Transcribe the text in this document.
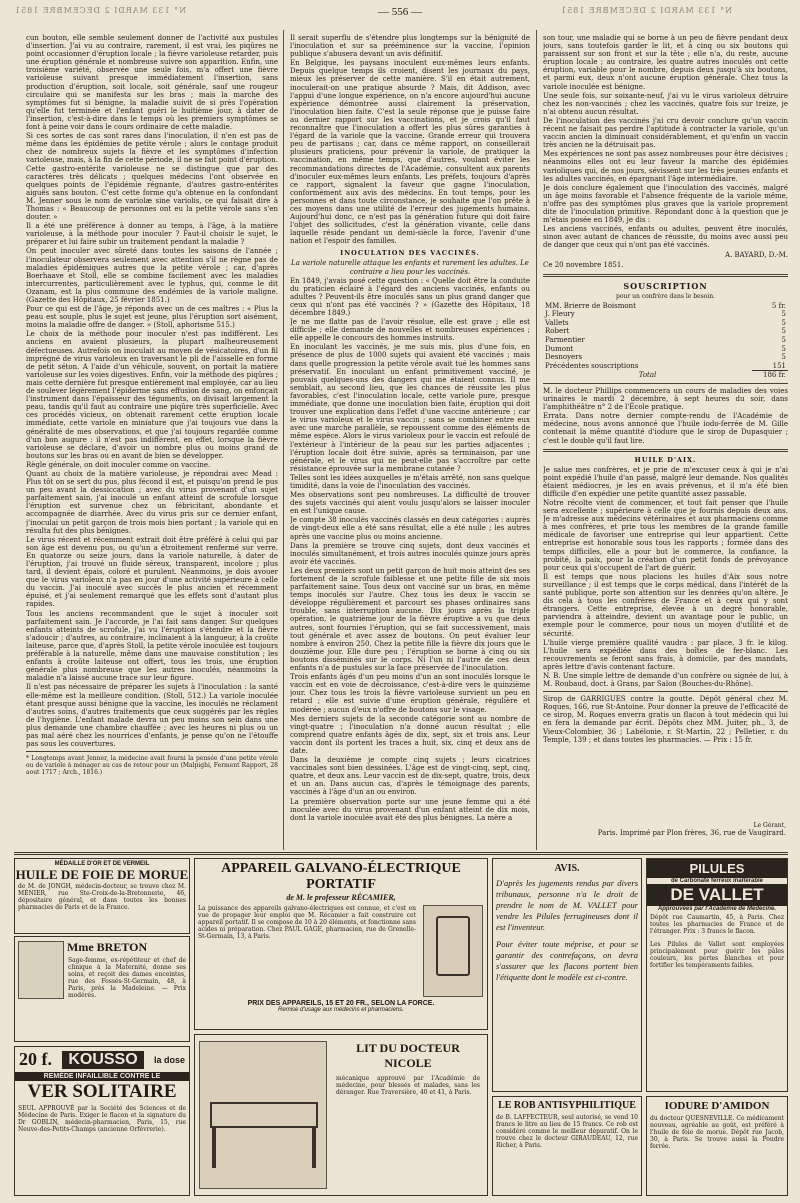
N° 133 MARDI 2 DÉCEMBRE 1851	— 556 —	N° 133 MARDI 2 DÉCEMBRE 1851

cun bouton, elle semble seulement donner de l'activité aux pustules d'insertion. J'ai vu au contraire, rarement, il est vrai, les piqûres ne point occasionner d'éruption locale ; la fièvre varioleuse retarder, puis une éruption générale et nombreuse suivre son apparition. Enfin, une troisième variété, observée une seule fois, m'a offert une fièvre varioleuse suivant presque immédiatement l'insertion, sans production d'éruption, soit locale, soit générale, sauf une rougeur circulaire qui se manifesta sur les bras ; mais la marche des symptômes fut si bénigne, la maladie suivit de si près l'opération qu'elle fut terminée et l'enfant guéri le huitième jour, à dater de l'insertion, c'est-à-dire dans le temps où les premiers symptômes se font à peine voir dans le cours ordinaire de cette maladie.

Si ces sortes de cas sont rares dans l'inoculation, il n'en est pas de même dans les épidémies de petite vérole ; alors le contage produit chez de nombreux sujets la fièvre et les symptômes d'infection varioleuse, mais, à la fin de cette période, il ne se fait point d'éruption. Cette gastro-entérite varioleuse ne se distingue que par des caractères très délicats ; quelques médecins l'ont observée en quelques points de l'épidémie régnante, d'autres gastro-entérites aiguës sans bouton. C'est cette forme qu'a obtenue en la confondant M. Jenner sous le nom de variolæ sine variolis, ce qui faisait dire à Thomas : « Beaucoup de personnes ont eu la petite vérole sans s'en douter. »

Il a été une préférence à donner au temps, à l'âge, à la matière varioleuse, à la méthode pour inoculer ? Faut-il choisir le sujet, le préparer et lui faire subir un traitement pendant la maladie ?

On peut inoculer avec sûreté dans toutes les saisons de l'année ; l'inoculateur observera seulement avec attention s'il ne règne pas de maladies épidémiques autres que la petite vérole ; car, d'après Boerhaave et Stoll, elle se combine facilement avec les maladies intercurrentes, particulièrement avec le typhus, qui, comme le dit Ozanam, est la plus commune des endémies de la variole maligne. (Gazette des Hôpitaux, 25 février 1851.)

Pour ce qui est de l'âge, je réponds avec un de ces maîtres : « Plus la peau est souple, plus le sujet est jeune, plus l'éruption sort aisément, moins la maladie offre de danger. » (Stoll, aphorisme 515.)

Le choix de la méthode pour inoculer n'est pas indifférent. Les anciens en avaient plusieurs, la plupart malheureusement défectueuses. Autrefois on inoculait au moyen de vésicatoires, d'un fil imprégné de virus varioleux en traversant le pli de l'aisselle en forme de petit séton. A l'aide d'un véhicule, souvent, on portait la matière varioleuse sur les voies digestives. Enfin, voir la méthode des piqûres ; mais cette dernière fut presque entièrement mal employée, car au lieu de soulever légèrement l'épiderme sans effusion de sang, on enfonçait l'instrument dans l'épaisseur des téguments, on divisait largement la peau, tandis qu'il faut au contraire une piqûre très superficielle. Avec ces procédés vicieux, on obtenait rarement cette éruption locale immédiate, cette variole en miniature que j'ai toujours vue dans la généralité de mes observations, et que j'ai toujours regardée comme d'un bon augure : il n'est pas indifférent, en effet, lorsque la fièvre varioleuse se déclare, d'avoir un nombre plus ou moins grand de boutons sur les bras ou en avant de bien se développer.

Règle générale, on doit inoculer comme on vaccine.

Quant au choix de la matière varioleuse, je répondrai avec Mead : Plus tôt on se sert du pus, plus fécond il est, et puisqu'on prend le pus un peu avant la dessiccation ; avec du virus provenant d'un sujet parfaitement sain, j'ai inoculé un enfant atteint de scrofule lorsque l'éruption est survenue chez un fébricitant, abondante et accompagnée de diarrhée. Avec du virus pris sur ce dernier enfant, j'inoculai un petit garçon de trois mois bien portant ; la variole qui en résulta fut des plus bénignes.

Le virus récent et récemment extrait doit être préféré à celui qui par son âge est devenu pus, ou qu'un a étroitement renfermé sur verre. En quatorze ou seize jours, dans la variole naturelle, à dater de l'éruption, j'ai trouvé un fluide séreux, transparent, incolore ; plus tard, il devient épais, coloré et purulent. Néanmoins, je dois avouer que le virus varioleux n'a pas en jour d'une activité supérieure à celle du vaccin. J'ai inoculé avec succès le plus ancien et récemment épuisé, et j'ai seulement remarqué que les effets sont d'autant plus rapides.

Tous les anciens recommandent que le sujet à inoculer soit parfaitement sain. Je l'accorde, je l'ai fait sans danger. Sur quelques enfants atteints de scrofule, j'ai vu l'éruption s'étendre et la fièvre s'adoucir ; d'autres, au contraire, inclinaient à la langueur, à la croûte laiteuse, parce que, d'après Stoll, la petite vérole inoculée est toujours préférable à la naturelle, même dans une mauvaise constitution ; les enfants à croûte laiteuse ont offert, tous les trois, une éruption générale plus nombreuse que les autres inoculés, néanmoins la maladie n'a laissé aucune trace sur leur figure.

Il n'est pas nécessaire de préparer les sujets à l'inoculation : la santé elle-même est la meilleure condition. (Stoll, 512.) La variole inoculée étant presque aussi bénigne que la vaccine, les inoculés ne réclament d'autres soins, d'autres traitements que ceux suggérés par les règles de l'hygiène. L'enfant malade devra un peu moins son sein dans une plus demande une chambre chauffée ; avec les heures ni plus ou un pas mal aéré chez les nourrices d'enfants, je pense qu'on ne l'étouffe pas sous les couvertures.

* Longtemps avant Jenner, la médecine avait fourni la pensée d'une petite vérole ou de variole à ménager au cas de retour pour un (Malpighi, Ferment Rapport, 28 aout 1717 ; Arch., 1816.)

Il serait superflu de s'étendre plus longtemps sur la bénignité de l'inoculation et sur sa prééminence sur la vaccine, l'opinion publique s'abusera devant un avis définitif.

En Belgique, les paysans inoculent eux-mêmes leurs enfants. Depuis quelque temps ils croient, disent les journaux du pays, mieux les préserver de cette manière. S'il en était autrement, inoculerait-on une pratique absurde ? Mais, dit Addison, avec l'appui d'une longue expérience, on n'a encore aujourd'hui aucune expérience démontrée aussi clairement la préservation, l'inoculation bien faite. C'est la seule réponse que je puisse faire au dernier rapport sur les vaccinations, et je crois qu'il faut reconnaître que l'inoculation a offert les plus sûres garanties à l'égard de la variole que la vaccine. Grande erreur qui trouvera peu de partisans ; car, dans ce même rapport, on conseillerait plusieurs praticiens, pour prévenir la variole, de pratiquer la vaccination, en même temps, que d'autres, voulant éviter les recommandations directes de l'Académie, consultent aux parents d'inoculer eux-mêmes leurs enfants. Les préfets, toujours d'après ce rapport, signalent la faveur que gagne l'inoculation, conformément aux avis des médecins. En tout temps, pour les personnes et dans toute circonstance, je souhaite que l'on prête à ces moyens dans une utilité de l'erreur des jugements humains. Aujourd'hui donc, ce n'est pas la génération future qui doit faire l'objet des sollicitudes, c'est la génération vivante, celle dans laquelle réside pendant un demi-siècle la force, l'avenir d'une nation et l'espoir des familles.

INOCULATION DES VACCINÉS.

La variole naturelle attaque les enfants et rarement les adultes. Le contraire a lieu pour les vaccinés.

En 1849, j'avais posé cette question : « Quelle doit être la conduite du praticien éclairé à l'égard des anciens vaccinés, enfants ou adultes ? Peuvent-ils être inoculés sans un plus grand danger que ceux qui n'ont pas été vaccinés ? » (Gazette des Hôpitaux, 18 décembre 1849.)

Je ne me flatte pas de l'avoir résolue, elle est grave ; elle est difficile ; elle demande de nouvelles et nombreuses expériences ; elle appelle le concours des hommes instruits.

En inoculant les vaccinés, je me suis mis, plus d'une fois, en présence de plus de 1000 sujets qui avaient été vaccinés ; mais dans quelle progression la petite vérole avait tué les hommes sans préservatif. En inoculant un enfant primitivement vacciné, je pouvais quelques-uns des dangers qui me étaient connus. Il me semblait, au second lieu, que les chances de réussite les plus favorables, c'est l'inoculation locale, cette variole pure, presque immédiate, que donne une inoculation bien faite, éruption qui doit trouver une explication dans l'effet d'une vaccine antérieure ; car le virus varioleux et le virus vaccin ; sans se combiner entre eux avec une marche parallèle, se repoussent comme des éléments de même espèce. Alors le virus varioleux pour le vaccin est refoulé de l'extérieur à l'intérieur de la peau sur les parties adjacentes ; l'éruption locale doit être suivie, après sa terminaison, par une générale, et le virus qui ne peut-elle pas s'accroître par cette résistance éprouvée sur la membrane cutanée ?

Telles sont les idées auxquelles je m'étais arrêté, non sans quelque timidité, dans la voie de l'inoculation des vaccinés.

Mes observations sont peu nombreuses. La difficulté de trouver des sujets vaccinés qui aient voulu jusqu'alors se laisser inoculer en est l'unique cause.

Je compte 38 inoculés vaccinés classés en deux catégories : auprès de vingt-deux elle a été sans résultat, elle a été nulle ; les autres après une vaccine plus ou moins ancienne.

Dans la première se trouve cinq sujets, dont deux vaccinés et inoculés simultanément, et trois autres inoculés quinze jours après avoir été vaccinés.

Les deux premiers sont un petit garçon de huit mois atteint des ses fortement de la scrofule faiblesse et une petite fille de six mois parfaitement saine. Tous deux ont vacciné sur un bras, en même temps inoculés sur l'autre. Chez tous les deux le vaccin se développe régulièrement et parcourt ses phases ordinaires sans trouble, sans interruption aucune. Dix jours après la triple opération, le quatrième jour de la fièvre éruptive a vu que deux autres, sont fournies l'éruption, qui se fait successivement, mais tout générale et avec assez de boutons. On peut évaluer leur nombre à environ 250. Chez la petite fille la fièvre dix jours que le douzième jour. Elle dure peu ; l'éruption se borne à cinq ou six boutons disséminés sur le corps. Ni l'un ni l'autre de ces deux enfants n'a de pustules sur la face préservée de l'inoculation.

Trois enfants âgés d'un peu moins d'un an sont inoculés lorsque le vaccin est en voie de décroissance, c'est-à-dire vers le quinzième jour. Chez tous les trois la fièvre varioleuse survient un peu en retard ; elle est suivie d'une éruption générale, régulière et modérée ; aucun d'eux n'offre de boutons sur le visage.

Mes derniers sujets de la seconde catégorie sont au nombre de vingt-quatre ; l'inoculation n'a donné aucun résultat ; elle comprend quatre enfants âgés de dix, sept, six et trois ans. Leur vaccin dont ils portent les traces a huit, six, cinq et deux ans de date.

Dans la deuxième je compte cinq sujets ; leurs cicatrices vaccinales sont bien dessinées. L'âge est de vingt-cinq, sept, cinq, quatre, et deux ans. Leur vaccin est de dix-sept, quatre, trois, deux et un an. Dans aucun cas, d'après le témoignage des parents, vaccinés à l'âge d'un an ou environ.

La première observation porte sur une jeune femme qui a été inoculée avec du virus provenant d'un enfant atteint de dix mois, dont la variole inoculée avait été des plus bénignes. La mère a

son tour, une maladie qui se borne à un peu de fièvre pendant deux jours, sans toutefois garder le lit, et à cinq ou six boutons qui paraissent sur son front et sur la tête ; elle n'a, du reste, aucune éruption locale ; au contraire, les quatre autres inoculés ont cette éruption, variable pour le nombre, depuis deux jusqu'à six boutons, et parmi eux, deux n'ont aucune éruption générale. Chez tous la variole inoculée est bénigne.

Une seule fois, sur soixante-neuf, j'ai vu le virus varioleux détruire chez les non-vaccinés ; chez les vaccinés, quatre fois sur treize, je n'ai obtenu aucun résultat.

De l'inoculation des vaccinés j'ai cru devoir conclure qu'un vaccin récent ne faisait pas perdre l'aptitude à contracter la variole, qu'un vaccin ancien la diminuait considérablement, et qu'enfin un vaccin très ancien ne la détruisait pas.

Mes expériences ne sont pas assez nombreuses pour être décisives ; néanmoins elles ont eu leur faveur la marche des épidémies varioliques qui, de nos jours, sévissent sur les très jeunes enfants et les adultes vaccinés, en épargnant l'âge intermédiaire.

Je dois conclure également que l'inoculation des vaccinés, malgré un âge moins favorable et l'absence fréquente de la variole même, n'offre pas des symptômes plus graves que la variole proprement dite de l'inoculation primitive. Répondant donc à la question que je m'étais posée en 1849, je dis :

Les anciens vaccinés, enfants ou adultes, peuvent être inoculés, sinon avec autant de chances de réussite, du moins avec aussi peu de danger que ceux qui n'ont pas été vaccinés.

A. BAYARD, D.-M.

Ce 20 novembre 1851.

SOUSCRIPTION

pour un confrère dans le besoin.

MM. Brierre de Boismont	5 fr.
J. Fleury	5
Vallets	5
Robert	5
Parmentier	5
Dumont	5
Desnoyers	5
Précédentes souscriptions	151
Total	186 fr.

M. le docteur Phillips commencera un cours de maladies des voies urinaires le mardi 2 décembre, à sept heures du soir, dans l'amphithéâtre n° 2 de l'École pratique.

Errata. Dans notre dernier compte-rendu de l'Académie de médecine, nous avons annoncé que l'huile iodo-ferrée de M. Gille contenait la même quantité d'iodure que le sirop de Dupasquier ; c'est le double qu'il faut lire.

HUILE D'AIX.

Je salue mes confrères, et je prie de m'excuser ceux à qui je n'ai point expédié l'huile d'an passé, malgré leur demande. Nos qualités étaient médiocres, je les en avais prévenus, et il m'a été bien difficile d'en expédier une petite quantité assez passable.

Notre récolte vient de commencer, et tout fait penser que l'huile sera excellente ; supérieure à celle que je fournis depuis deux ans. Je m'adresse aux médecins vétérinaires et aux pharmaciens comme à mes confrères, et prie tous les membres de la grande famille médicale de favoriser une entreprise qui leur appartient. Cette entreprise est honorable sous tous les rapports ; formée dans des temps difficiles, elle a pour but le commerce, la confiance, la probité, la paix, pour la création d'un petit fonds de prévoyance pour ceux qui s'occupent de l'art de guérir.

Il est temps que nous placions les huiles d'Aix sous notre surveillance ; il est temps que le corps médical, dans l'intérêt de la santé publique, porte son attention sur les denrées qu'on altère. Je dis cela à tous les confrères de France et à ceux qui y sont étrangers. Cette entreprise, élevée à un degré honorable, parviendra à atteindre, devient un avantage pour le public, un exemple pour le commerce, pour nous un moyen d'utilité et de sécurité.

L'huile vierge première qualité vaudra : par place, 3 fr. le kilog. L'huile sera expédiée dans des boîtes de fer-blanc. Les recouvrements se feront sans frais, à domicile, par des mandats, après lettre d'avis contenant facture.

N. B. Une simple lettre de demande d'un confrère ou signée de lui, à M. Roubaud, doct. à Grans, par Salon (Bouches-du-Rhône).

Sirop de GARRIGUES contre la goutte. Dépôt général chez M. Roques, 166, rue St-Antoine. Pour donner la preuve de l'efficacité de ce sirop, M. Roques enverra gratis un flacon à tout médecin qui lui en fera la demande par écrit. Dépôts chez MM. Juiter, ph., 3, de Vieux-Colombier, 36 ; Labélonie, r. St-Martin, 22 ; Pelletier, r. du Temple, 139 ; et dans toutes les pharmacies. — Prix : 15 fr.

Le Gérant,
Paris. Imprimé par Plon frères, 36, rue de Vaugirard.
MÉDAILLE D'OR ET DE VERMEIL
HUILE DE FOIE DE MORUE

de M. de JONGH, médecin-docteur, se trouve chez M. MÉNIER, rue Ste-Croix-de-la-Bretonnerie, 46, dépositaire général, et dans toutes les bonnes pharmacies de Paris et de la France.

Mme BRETON

Sage-femme, ex-répétiteur et chef de clinique à la Maternité, donne ses soins, et reçoit des dames enceintes, rue des Fossés-St-Germain, 48, à Paris, près la Madeleine. — Prix modérés.

20 f.	KOUSSO	la dose
REMÈDE INFAILLIBLE CONTRE LE
VER SOLITAIRE

SEUL APPROUVÉ par la Société des Sciences et de Médecine de Paris. Exiger le flacon et la signature du Dr GOBLIN, médecin-pharmacien, Paris, 15, rue Neuve-des-Petits-Champs (ancienne Orfèvrerie).

APPAREIL GALVANO-ÉLECTRIQUE PORTATIF
de M. le professeur RÉCAMIER,

La puissance des appareils galvano-électriques est connue, et c'est en vue de propager leur emploi que M. Récamier a fait construire cet appareil portatif. Il se compose de 10 à 20 éléments, et fonctionne sans acides ni préparation. Chez PAUL GAGE, pharmacien, rue de Grenelle-St-Germain, 13, à Paris.

PRIX DES APPAREILS, 15 ET 20 FR., SELON LA FORCE.
Remise d'usage aux médecins et pharmaciens.
LIT DU DOCTEUR NICOLE

mécanique approuvé par l'Académie de médecine, pour blessés et malades, sans les déranger. Rue Traversière, 40 et 41, à Paris.

AVIS.

D'après les jugements rendus par divers tribunaux, personne n'a le droit de prendre le nom de M. VALLET pour vendre les Pilules ferrugineuses dont il est l'inventeur.

Pour éviter toute méprise, et pour se garantir des contrefaçons, on devra s'assurer que les flacons portent bien l'étiquette dont le modèle est ci-contre.

PILULES
de Carbonate ferreux inaltérable
DE VALLET
Approuvées par l'Académie de Médecine.

Dépôt rue Caumartin, 45, à Paris. Chez toutes les pharmacies de France et de l'étranger. Prix : 3 francs le flacon.

Les Pilules de Vallet sont employées principalement pour guérir les pâles couleurs, les pertes blanches et pour fortifier les tempéraments faibles.

LE ROB ANTISYPHILITIQUE

de B. LAFFECTEUR, seul autorisé, se vend 10 francs le litre au lieu de 15 francs. Ce rob est considéré comme le meilleur dépuratif. On le trouve chez le docteur GIRAUDEAU, 12, rue Richer, à Paris.

IODURE D'AMIDON

du docteur QUESNEVILLE. Ce médicament nouveau, agréable au goût, est préféré à l'huile de foie de morue. Dépôt rue Jacob, 30, à Paris. Se trouve aussi la Poudre ferrée.
